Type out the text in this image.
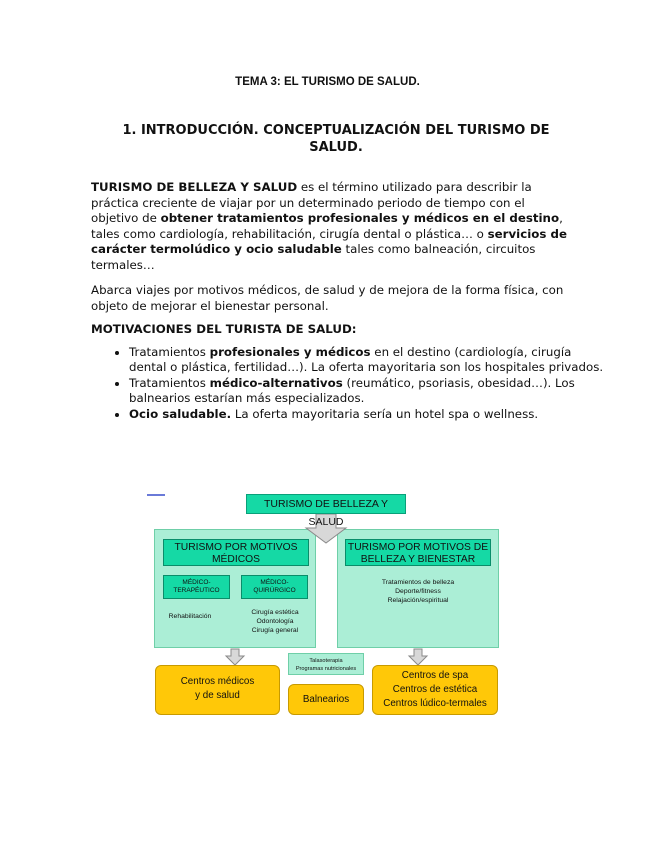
TEMA 3: EL TURISMO DE SALUD.
1. INTRODUCCIÓN. CONCEPTUALIZACIÓN DEL TURISMO DE SALUD.
TURISMO DE BELLEZA Y SALUD es el término utilizado para describir la práctica creciente de viajar por un determinado periodo de tiempo con el objetivo de obtener tratamientos profesionales y médicos en el destino, tales como cardiología, rehabilitación, cirugía dental o plástica… o servicios de carácter termolúdico y ocio saludable tales como balneación, circuitos termales…
Abarca viajes por motivos médicos, de salud y de mejora de la forma física, con objeto de mejorar el bienestar personal.
MOTIVACIONES DEL TURISTA DE SALUD:
• Tratamientos profesionales y médicos en el destino (cardiología, cirugía dental o plástica, fertilidad…). La oferta mayoritaria son los hospitales privados.
• Tratamientos médico-alternativos (reumático, psoriasis, obesidad…). Los balnearios estarían más especializados.
• Ocio saludable. La oferta mayoritaria sería un hotel spa o wellness.
TURISMO DE BELLEZA Y SALUD
TURISMO POR MOTIVOS MÉDICOS
TURISMO POR MOTIVOS DE BELLEZA Y BIENESTAR
MÉDICO-TERAPÉUTICO
MÉDICO-QUIRÚRGICO
Rehabilitación
Cirugía estética
Odontología
Cirugía general
Tratamientos de belleza
Deporte/fitness
Relajación/espiritual
Talasoterapia
Programas nutricionales
Centros médicos
y de salud	Balnearios
Centros de spa
Centros de estética
Centros lúdico-termales
